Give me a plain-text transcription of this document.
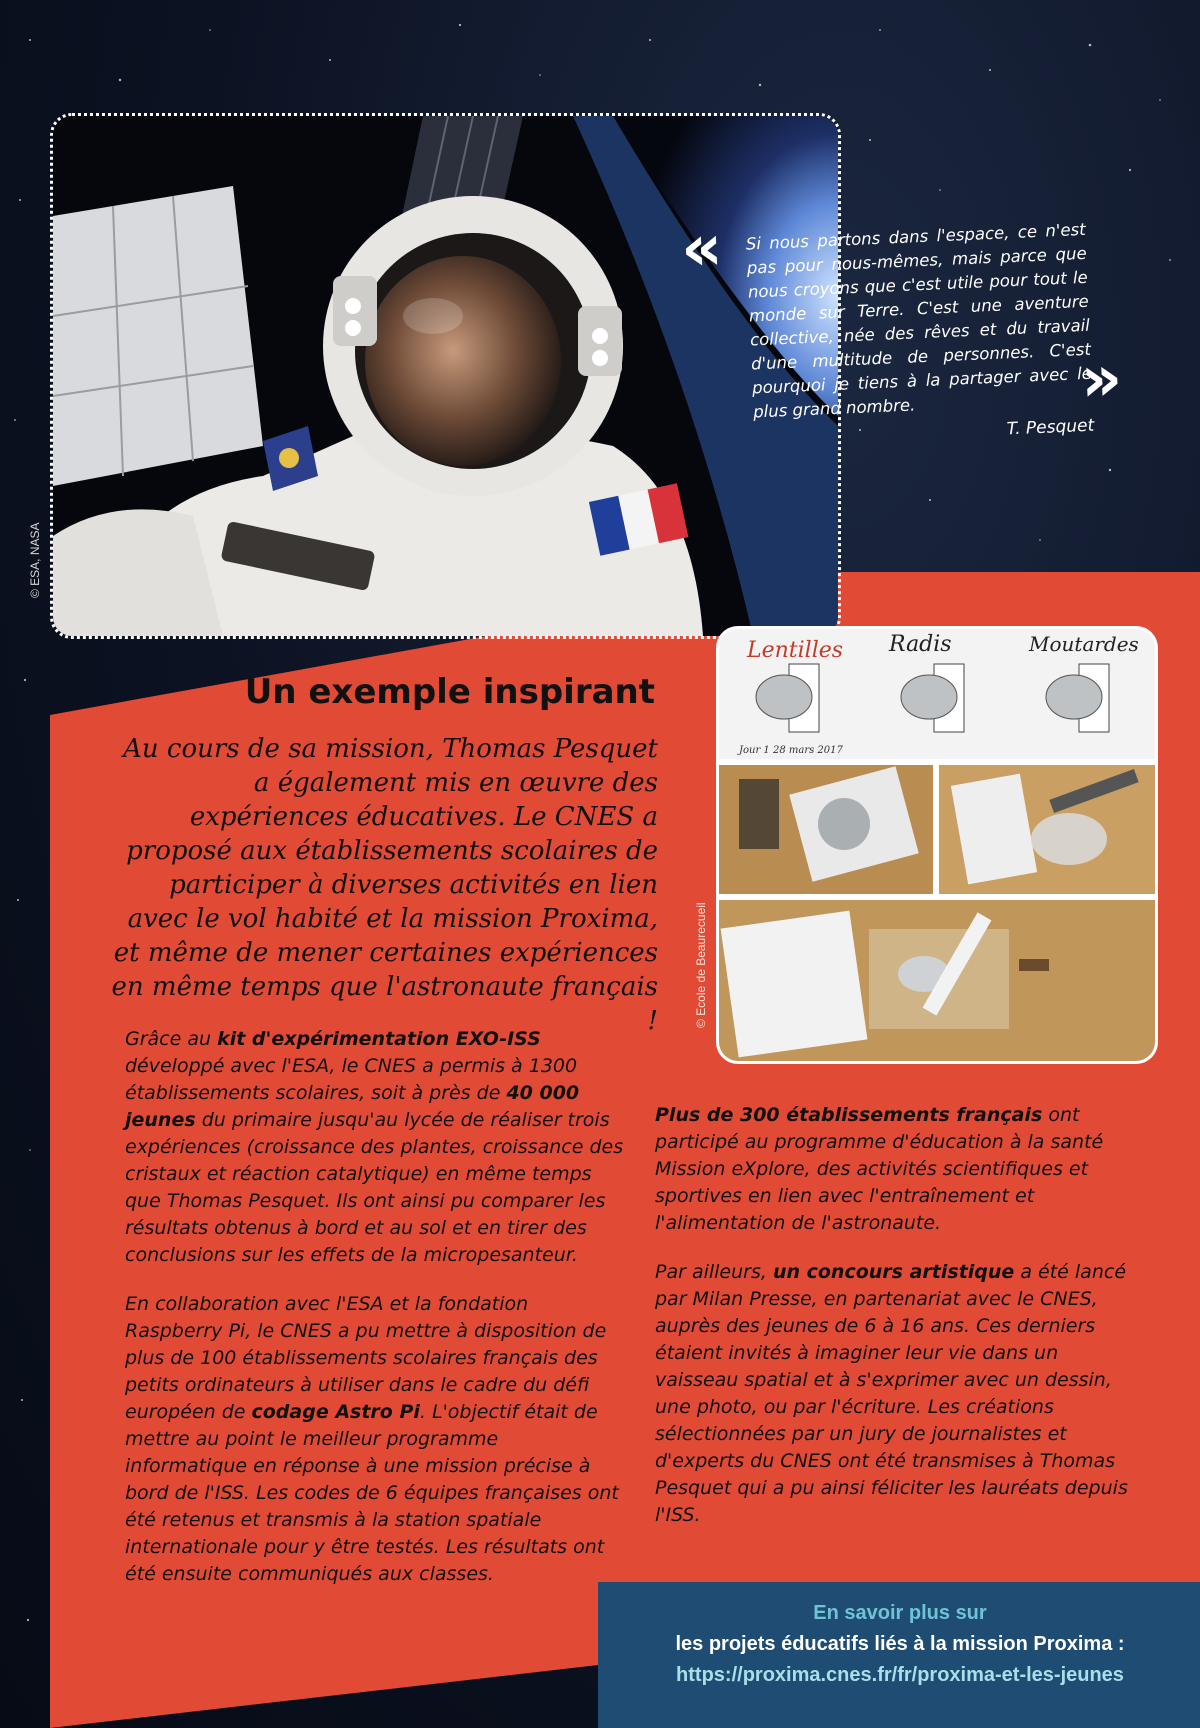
© ESA, NASA
« Si nous partons dans l'espace, ce n'est pas pour nous-mêmes, mais parce que nous croyons que c'est utile pour tout le monde sur Terre. C'est une aventure collective, née des rêves et du travail d'une multitude de personnes. C'est pourquoi je tiens à la partager avec le plus grand nombre.
T. Pesquet
»
Lentilles Radis	Moutardes
Jour 1 28 mars 2017
© Ecole de Beaurecueil
Un exemple inspirant
Au cours de sa mission, Thomas Pesquet a également mis en œuvre des expériences éducatives. Le CNES a proposé aux établissements scolaires de participer à diverses activités en lien avec le vol habité et la mission Proxima, et même de mener certaines expériences en même temps que l'astronaute français !

Grâce au kit d'expérimentation EXO-ISS développé avec l'ESA, le CNES a permis à 1300 établissements scolaires, soit à près de 40 000 jeunes du primaire jusqu'au lycée de réaliser trois expériences (croissance des plantes, croissance des cristaux et réaction catalytique) en même temps que Thomas Pesquet. Ils ont ainsi pu comparer les résultats obtenus à bord et au sol et en tirer des conclusions sur les effets de la micropesanteur.

En collaboration avec l'ESA et la fondation Raspberry Pi, le CNES a pu mettre à disposition de plus de 100 établissements scolaires français des petits ordinateurs à utiliser dans le cadre du défi européen de codage Astro Pi. L'objectif était de mettre au point le meilleur programme informatique en réponse à une mission précise à bord de l'ISS. Les codes de 6 équipes françaises ont été retenus et transmis à la station spatiale internationale pour y être testés. Les résultats ont été ensuite communiqués aux classes.

Plus de 300 établissements français ont participé au programme d'éducation à la santé Mission eXplore, des activités scientifiques et sportives en lien avec l'entraînement et l'alimentation de l'astronaute.

Par ailleurs, un concours artistique a été lancé par Milan Presse, en partenariat avec le CNES, auprès des jeunes de 6 à 16 ans. Ces derniers étaient invités à imaginer leur vie dans un vaisseau spatial et à s'exprimer avec un dessin, une photo, ou par l'écriture. Les créations sélectionnées par un jury de journalistes et d'experts du CNES ont été transmises à Thomas Pesquet qui a pu ainsi féliciter les lauréats depuis l'ISS.

En savoir plus sur
les projets éducatifs liés à la mission Proxima :
https://proxima.cnes.fr/fr/proxima-et-les-jeunes
